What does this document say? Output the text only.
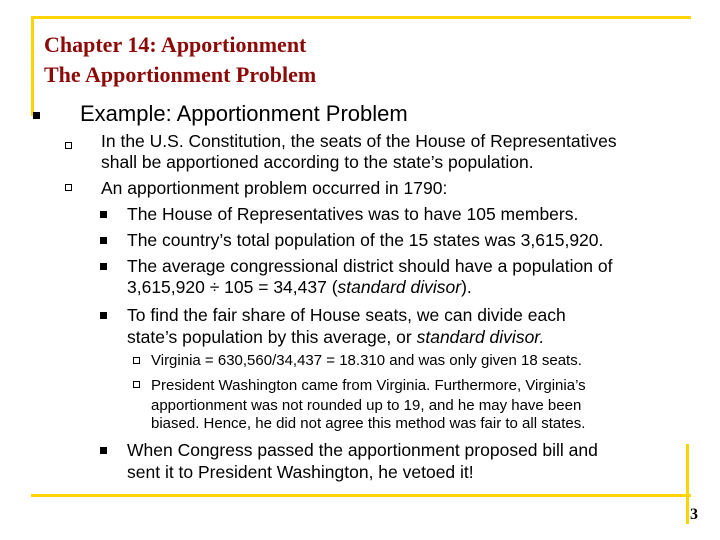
Chapter 14: Apportionment
The Apportionment Problem
Example: Apportionment Problem
In the U.S. Constitution, the seats of the House of Representatives
shall be apportioned according to the state’s population.
An apportionment problem occurred in 1790:
The House of Representatives was to have 105 members.
The country’s total population of the 15 states was 3,615,920.
The average congressional district should have a population of
3,615,920 ÷ 105 = 34,437 (standard divisor).
To find the fair share of House seats, we can divide each
state’s population by this average, or standard divisor.
Virginia = 630,560/34,437 = 18.310 and was only given 18 seats.
President Washington came from Virginia. Furthermore, Virginia’s
apportionment was not rounded up to 19, and he may have been
biased. Hence, he did not agree this method was fair to all states.
When Congress passed the apportionment proposed bill and
sent it to President Washington, he vetoed it!
3
